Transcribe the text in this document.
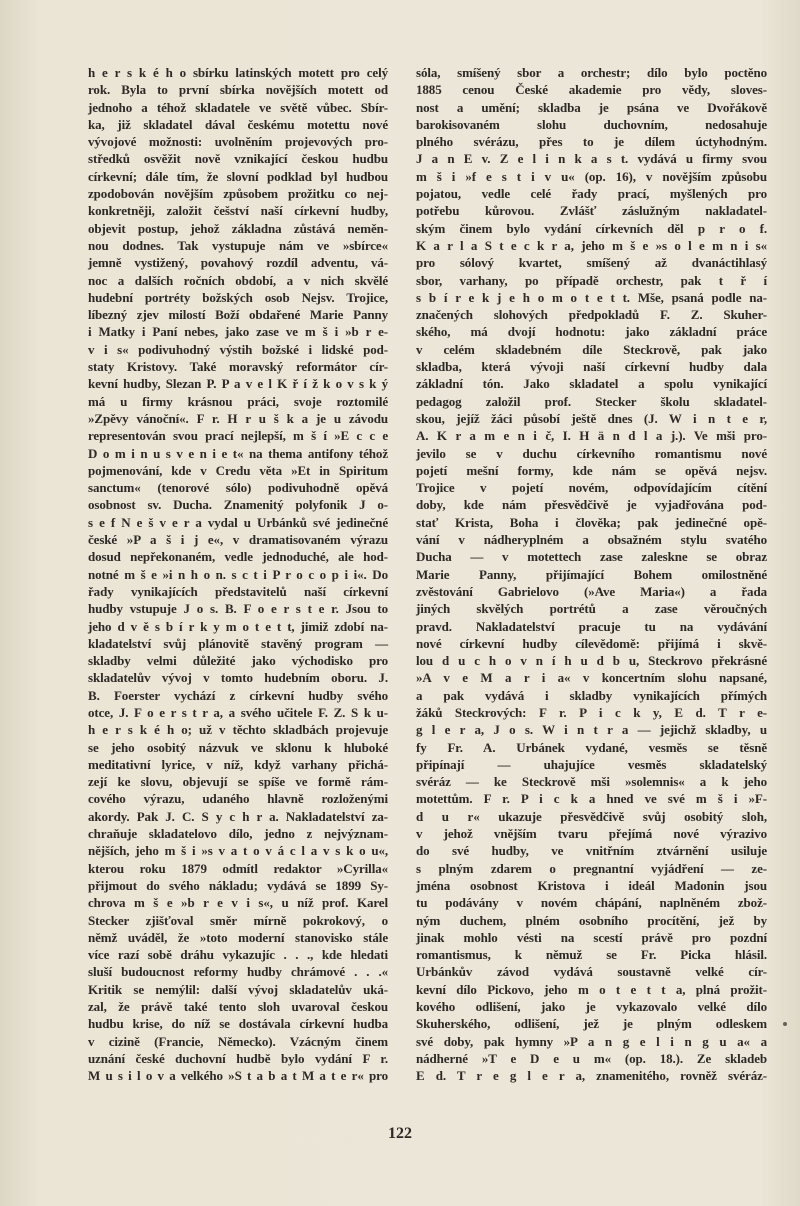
h e r s k é h o sbírku latinských motett pro celý
rok. Byla to první sbírka novějších motett od
jednoho a téhož skladatele ve světě vůbec. Sbír-
ka, již skladatel dával českému motettu nové
vývojové možnosti: uvolněním projevových pro-
středků osvěžit nově vznikající českou hudbu
církevní; dále tím, že slovní podklad byl hudbou
zpodobován novějším způsobem prožitku co nej-
konkretněji, založit češství naší církevní hudby,
objevit postup, jehož základna zůstává neměn-
nou dodnes. Tak vystupuje nám ve »sbírce«
jemně vystižený, povahový rozdíl adventu, vá-
noc a dalších ročních období, a v nich skvělé
hudební portréty božských osob Nejsv. Trojice,
líbezný zjev milostí Boží obdařené Marie Panny
i Matky i Paní nebes, jako zase ve m š i »b r e-
v i s« podivuhodný výstih božské i lidské pod-
staty Kristovy. Také moravský reformátor cír-
kevní hudby, Slezan P. P a v e l K ř í ž k o v s k ý
má u firmy krásnou práci, svoje roztomilé
»Zpěvy vánoční«. F r. H r u š k a je u závodu
representován svou prací nejlepší, m š í »E c c e
D o m i n u s v e n i e t« na thema antifony téhož
pojmenování, kde v Credu věta »Et in Spiritum
sanctum« (tenorové sólo) podivuhodně opěvá
osobnost sv. Ducha. Znamenitý polyfonik J o-
s e f N e š v e r a vydal u Urbánků své jedinečné
české »P a š i j e«, v dramatisovaném výrazu
dosud nepřekonaném, vedle jednoduché, ale hod-
notné m š e »i n h o n. s c t i P r o c o p i i«. Do
řady vynikajících představitelů naší církevní
hudby vstupuje J o s. B. F o e r s t e r. Jsou to
jeho d v ě s b í r k y m o t e t t, jimiž zdobí na-
kladatelství svůj plánovitě stavěný program —
skladby velmi důležité jako východisko pro
skladatelův vývoj v tomto hudebním oboru. J.
B. Foerster vychází z církevní hudby svého
otce, J. F o e r s t r a, a svého učitele F. Z. S k u-
h e r s k é h o; už v těchto skladbách projevuje
se jeho osobitý názvuk ve sklonu k hluboké
meditativní lyrice, v níž, když varhany přichá-
zejí ke slovu, objevují se spíše ve formě rám-
cového výrazu, udaného hlavně rozloženými
akordy. Pak J. C. S y c h r a. Nakladatelství za-
chraňuje skladatelovo dílo, jedno z nejvýznam-
nějších, jeho m š i »s v a t o v á c l a v s k o u«,
kterou roku 1879 odmítl redaktor »Cyrilla«
přijmout do svého nákladu; vydává se 1899 Sy-
chrova m š e »b r e v i s«, u níž prof. Karel
Stecker zjišťoval směr mírně pokrokový, o
němž uváděl, že »toto moderní stanovisko stále
více razí sobě dráhu vykazujíc . . ., kde hledati
sluší budoucnost reformy hudby chrámové . . .«
Kritik se nemýlil: další vývoj skladatelův uká-
zal, že právě také tento sloh uvaroval českou
hudbu krise, do níž se dostávala církevní hudba
v cizině (Francie, Německo). Vzácným činem
uznání české duchovní hudbě bylo vydání F r.
M u s i l o v a velkého »S t a b a t M a t e r« pro
sóla, smíšený sbor a orchestr; dílo bylo poctěno
1885 cenou České akademie pro vědy, sloves-
nost a umění; skladba je psána ve Dvořákově
barokisovaném slohu duchovním, nedosahuje
plného svérázu, přes to je dílem úctyhodným.
J a n E v. Z e l i n k a s t. vydává u firmy svou
m š i »f e s t i v u« (op. 16), v novějším způsobu
pojatou, vedle celé řady prací, myšlených pro
potřebu kůrovou. Zvlášť záslužným nakladatel-
ským činem bylo vydání církevních děl p r o f.
K a r l a S t e c k r a, jeho m š e »s o l e m n i s«
pro sólový kvartet, smíšený až dvanáctihlasý
sbor, varhany, po případě orchestr, pak t ř í
s b í r e k j e h o m o t e t t. Mše, psaná podle na-
značených slohových předpokladů F. Z. Skuher-
ského, má dvojí hodnotu: jako základní práce
v celém skladebném díle Steckrově, pak jako
skladba, která vývoji naší církevní hudby dala
základní tón. Jako skladatel a spolu vynikající
pedagog založil prof. Stecker školu skladatel-
skou, jejíž žáci působí ještě dnes (J. W i n t e r,
A. K r a m e n i č, I. H ä n d l a j.). Ve mši pro-
jevilo se v duchu církevního romantismu nové
pojetí mešní formy, kde nám se opěvá nejsv.
Trojice v pojetí novém, odpovídajícím cítění
doby, kde nám přesvědčivě je vyjadřována pod-
stať Krista, Boha i člověka; pak jedinečné opě-
vání v nádheryplném a obsažném stylu svatého
Ducha — v motettech zase zaleskne se obraz
Marie Panny, přijímající Bohem omilostněné
zvěstování Gabrielovo (»Ave Maria«) a řada
jiných skvělých portrétů a zase věroučných
pravd. Nakladatelství pracuje tu na vydávání
nové církevní hudby cílevědomě: přijímá i skvě-
lou d u c h o v n í h u d b u, Steckrovo překrásné
»A v e M a r i a« v koncertním slohu napsané,
a pak vydává i skladby vynikajících přímých
žáků Steckrových: F r. P i c k y, E d. T r e-
g l e r a, J o s. W i n t r a — jejichž skladby, u
fy Fr. A. Urbánek vydané, vesměs se těsně
připínají — uhajujíce vesměs skladatelský
svéráz — ke Steckrově mši »solemnis« a k jeho
motettům. F r. P i c k a hned ve své m š i »F-
d u r« ukazuje přesvědčivě svůj osobitý sloh,
v jehož vnějším tvaru přejímá nové výrazivo
do své hudby, ve vnitřním ztvárnění usiluje
s plným zdarem o pregnantní vyjádření — ze-
jména osobnost Kristova i ideál Madonin jsou
tu podávány v novém chápání, naplněném zbož-
ným duchem, plném osobního procítění, jež by
jinak mohlo vésti na scestí právě pro pozdní
romantismus, k němuž se Fr. Picka hlásil.
Urbánkův závod vydává soustavně velké cír-
kevní dílo Pickovo, jeho m o t e t t a, plná prožit-
kového odlišení, jako je vykazovalo velké dílo
Skuherského, odlišení, jež je plným odleskem
své doby, pak hymny »P a n g e l i n g u a« a
nádherné »T e D e u m« (op. 18.). Ze skladeb
E d. T r e g l e r a, znamenitého, rovněž svéráz-
122
